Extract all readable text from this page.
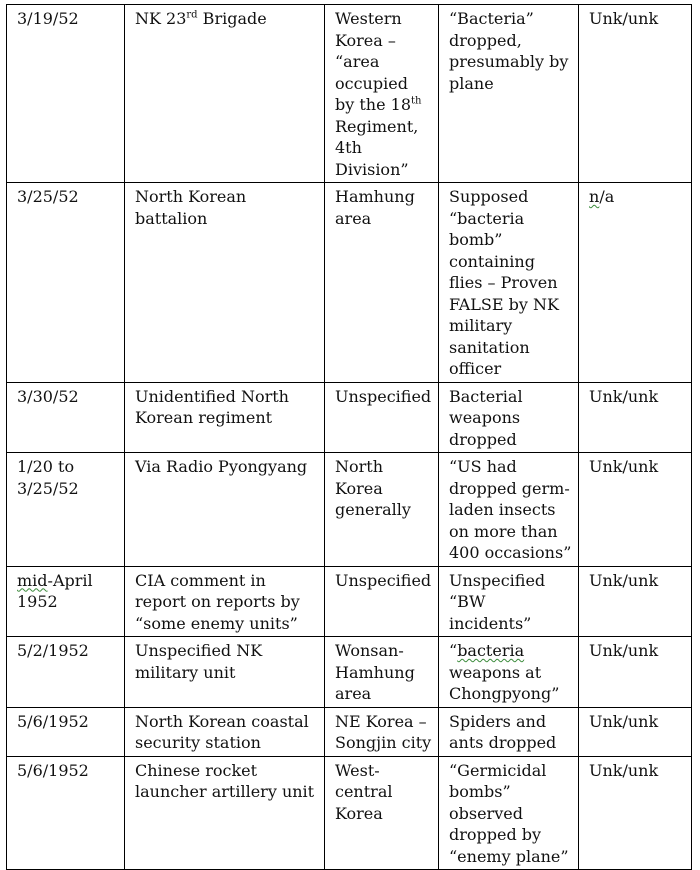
3/19/52	NK 23rd Brigade	Western Korea – “area occupied by the 18th Regiment, 4th Division”	“Bacteria” dropped, presumably by plane	Unk/unk
3/25/52	North Korean battalion	Hamhung area	Supposed “bacteria bomb” containing flies – Proven FALSE by NK military sanitation officer	n/a
3/30/52	Unidentified North Korean regiment	Unspecified	Bacterial weapons dropped	Unk/unk
1/20 to 3/25/52	Via Radio Pyongyang	North Korea generally	“US had dropped germ-laden insects on more than 400 occasions”	Unk/unk
mid-April 1952	CIA comment in report on reports by “some enemy units”	Unspecified	Unspecified “BW incidents”	Unk/unk
5/2/1952	Unspecified NK military unit	Wonsan-Hamhung area	“bacteria weapons at Chongpyong”	Unk/unk
5/6/1952	North Korean coastal security station	NE Korea – Songjin city	Spiders and ants dropped	Unk/unk
5/6/1952	Chinese rocket launcher artillery unit	West-central Korea	“Germicidal bombs” observed dropped by “enemy plane”	Unk/unk
